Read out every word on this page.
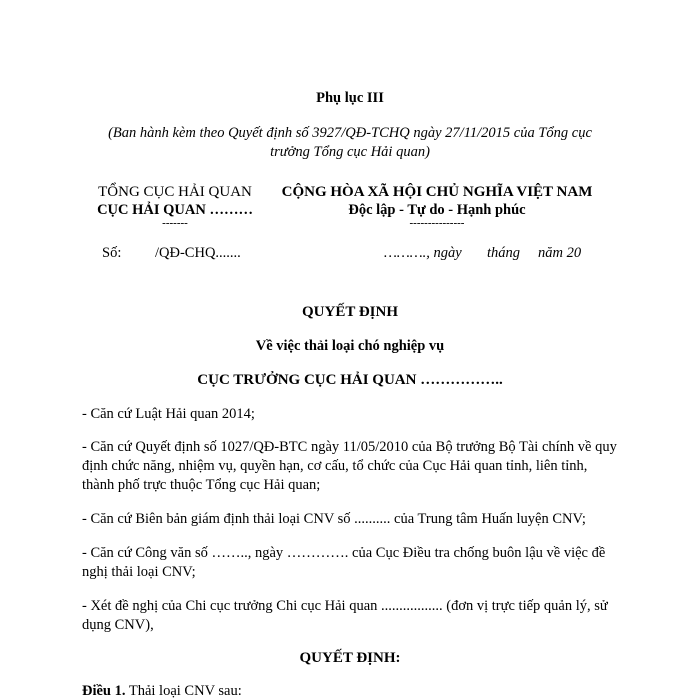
Phụ lục III
(Ban hành kèm theo Quyết định số 3927/QĐ-TCHQ ngày 27/11/2015 của Tổng cục
trưởng Tổng cục Hải quan)
TỔNG CỤC HẢI QUAN
CỤC HẢI QUAN ………
-------
CỘNG HÒA XÃ HỘI CHỦ NGHĨA VIỆT NAM
Độc lập - Tự do - Hạnh phúc
---------------
Số: /QĐ-CHQ.......	………., ngày tháng năm 20
QUYẾT ĐỊNH
Về việc thải loại chó nghiệp vụ
CỤC TRƯỞNG CỤC HẢI QUAN ……………..
- Căn cứ Luật Hải quan 2014;
- Căn cứ Quyết định số 1027/QĐ-BTC ngày 11/05/2010 của Bộ trưởng Bộ Tài chính về quy định chức năng, nhiệm vụ, quyền hạn, cơ cấu, tổ chức của Cục Hải quan tỉnh, liên tỉnh, thành phố trực thuộc Tổng cục Hải quan;
- Căn cứ Biên bản giám định thải loại CNV số .......... của Trung tâm Huấn luyện CNV;
- Căn cứ Công văn số …….., ngày …………. của Cục Điều tra chống buôn lậu về việc đề nghị thải loại CNV;
- Xét đề nghị của Chi cục trưởng Chi cục Hải quan ................. (đơn vị trực tiếp quản lý, sử dụng CNV),
QUYẾT ĐỊNH:
Điều 1. Thải loại CNV sau:
